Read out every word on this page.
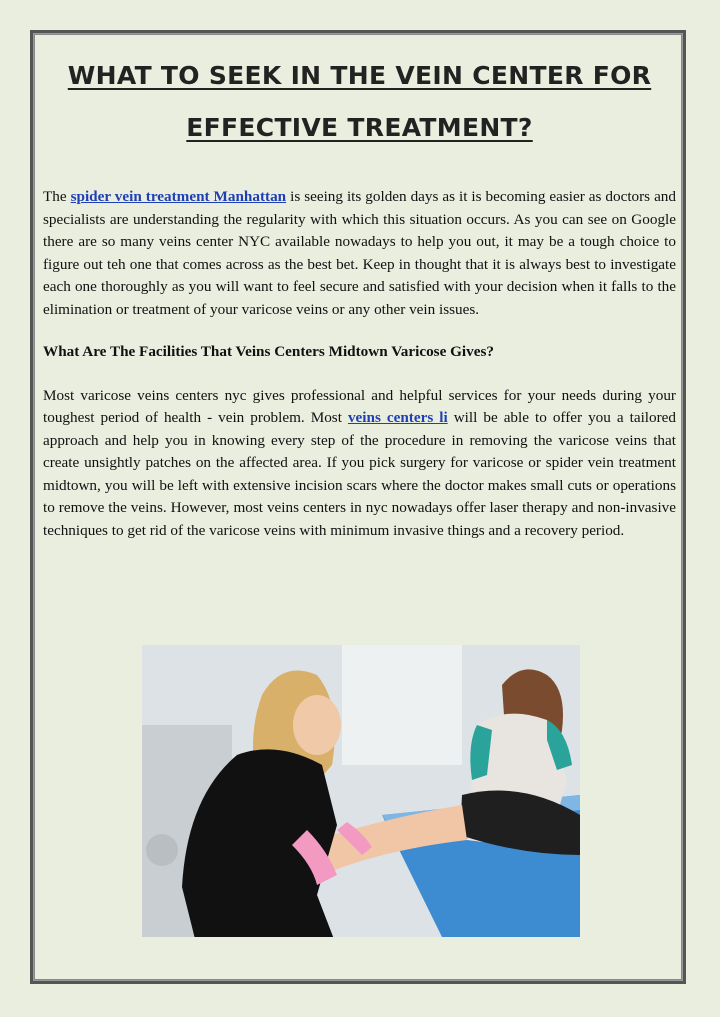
WHAT TO SEEK IN THE VEIN CENTER FOR
EFFECTIVE TREATMENT?

The spider vein treatment Manhattan is seeing its golden days as it is becoming easier as doctors and specialists are understanding the regularity with which this situation occurs. As you can see on Google there are so many veins center NYC available nowadays to help you out, it may be a tough choice to figure out teh one that comes across as the best bet. Keep in thought that it is always best to investigate each one thoroughly as you will want to feel secure and satisfied with your decision when it falls to the elimination or treatment of your varicose veins or any other vein issues.

What Are The Facilities That Veins Centers Midtown Varicose Gives?

Most varicose veins centers nyc gives professional and helpful services for your needs during your toughest period of health - vein problem. Most veins centers li will be able to offer you a tailored approach and help you in knowing every step of the procedure in removing the varicose veins that create unsightly patches on the affected area. If you pick surgery for varicose or spider vein treatment midtown, you will be left with extensive incision scars where the doctor makes small cuts or operations to remove the veins. However, most veins centers in nyc nowadays offer laser therapy and non-invasive techniques to get rid of the varicose veins with minimum invasive things and a recovery period.
